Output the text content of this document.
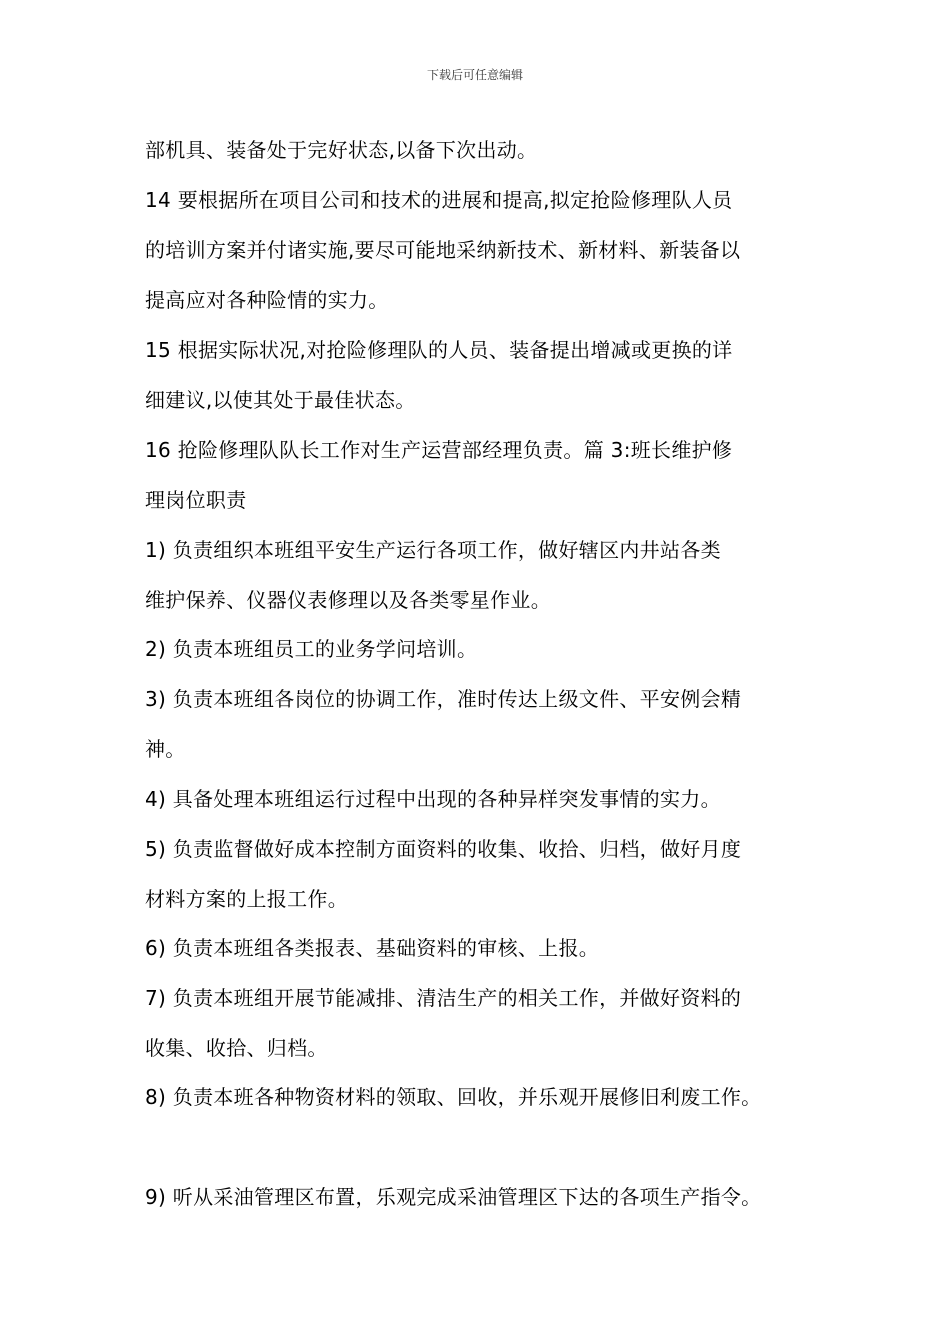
下载后可任意编辑
部机具、装备处于完好状态,以备下次出动。
14 要根据所在项目公司和技术的进展和提高,拟定抢险修理队人员
的培训方案并付诸实施,要尽可能地采纳新技术、新材料、新装备以
提高应对各种险情的实力。
15 根据实际状况,对抢险修理队的人员、装备提出增减或更换的详
细建议,以使其处于最佳状态。
16 抢险修理队队长工作对生产运营部经理负责。篇 3:班长维护修
理岗位职责
1) 负责组织本班组平安生产运行各项工作，做好辖区内井站各类
维护保养、仪器仪表修理以及各类零星作业。
2) 负责本班组员工的业务学问培训。
3) 负责本班组各岗位的协调工作，准时传达上级文件、平安例会精
神。
4) 具备处理本班组运行过程中出现的各种异样突发事情的实力。
5) 负责监督做好成本控制方面资料的收集、收拾、归档，做好月度
材料方案的上报工作。
6) 负责本班组各类报表、基础资料的审核、上报。
7) 负责本班组开展节能减排、清洁生产的相关工作，并做好资料的
收集、收拾、归档。
8) 负责本班各种物资材料的领取、回收，并乐观开展修旧利废工作。
9) 听从采油管理区布置，乐观完成采油管理区下达的各项生产指令。
